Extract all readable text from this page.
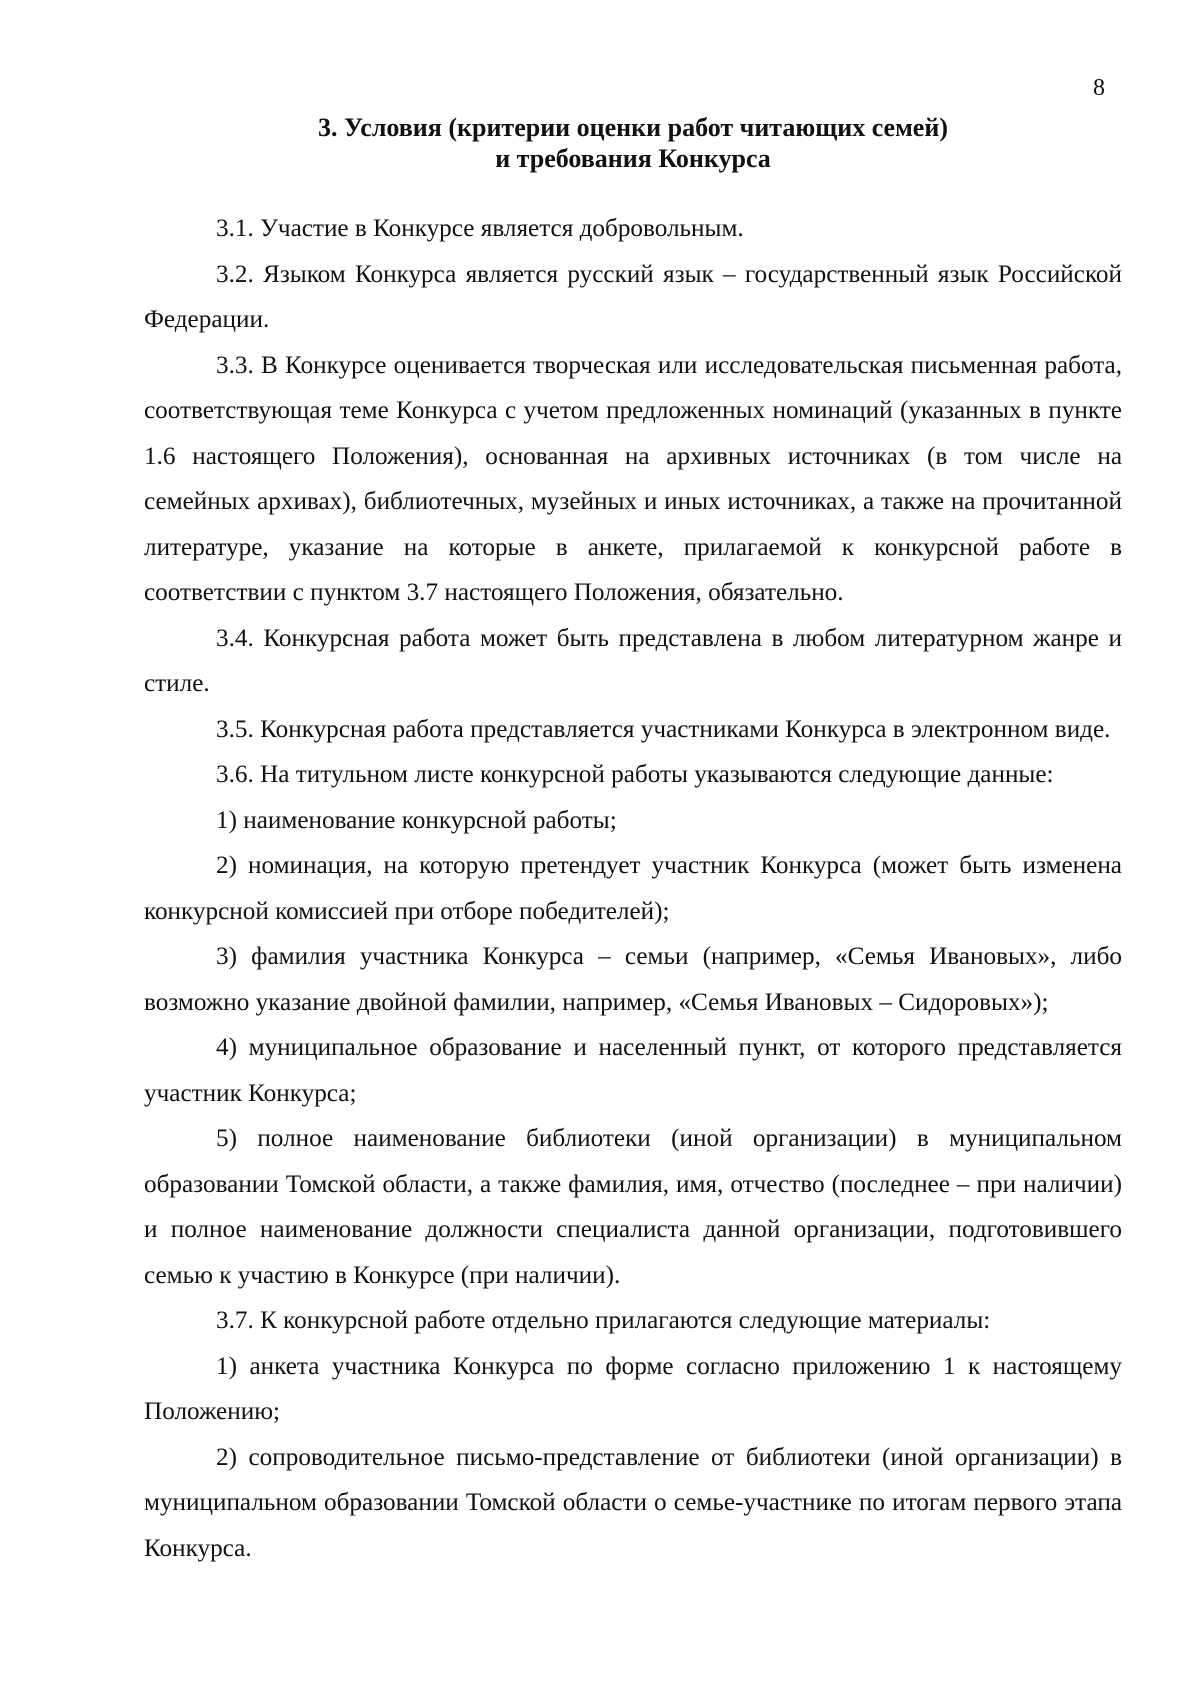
8
3. Условия (критерии оценки работ читающих семей)
и требования Конкурса

3.1. Участие в Конкурсе является добровольным.

3.2. Языком Конкурса является русский язык – государственный язык Российской Федерации.

3.3. В Конкурсе оценивается творческая или исследовательская письменная работа, соответствующая теме Конкурса с учетом предложенных номинаций (указанных в пункте 1.6 настоящего Положения), основанная на архивных источниках (в том числе на семейных архивах), библиотечных, музейных и иных источниках, а также на прочитанной литературе, указание на которые в анкете, прилагаемой к конкурсной работе в соответствии с пунктом 3.7 настоящего Положения, обязательно.

3.4. Конкурсная работа может быть представлена в любом литературном жанре и стиле.

3.5. Конкурсная работа представляется участниками Конкурса в электронном виде.

3.6. На титульном листе конкурсной работы указываются следующие данные:

1) наименование конкурсной работы;

2) номинация, на которую претендует участник Конкурса (может быть изменена конкурсной комиссией при отборе победителей);

3) фамилия участника Конкурса – семьи (например, «Семья Ивановых», либо возможно указание двойной фамилии, например, «Семья Ивановых – Сидоровых»);

4) муниципальное образование и населенный пункт, от которого представляется участник Конкурса;

5) полное наименование библиотеки (иной организации) в муниципальном образовании Томской области, а также фамилия, имя, отчество (последнее – при наличии) и полное наименование должности специалиста данной организации, подготовившего семью к участию в Конкурсе (при наличии).

3.7. К конкурсной работе отдельно прилагаются следующие материалы:

1) анкета участника Конкурса по форме согласно приложению 1 к настоящему Положению;

2) сопроводительное письмо-представление от библиотеки (иной организации) в муниципальном образовании Томской области о семье-участнике по итогам первого этапа Конкурса.
